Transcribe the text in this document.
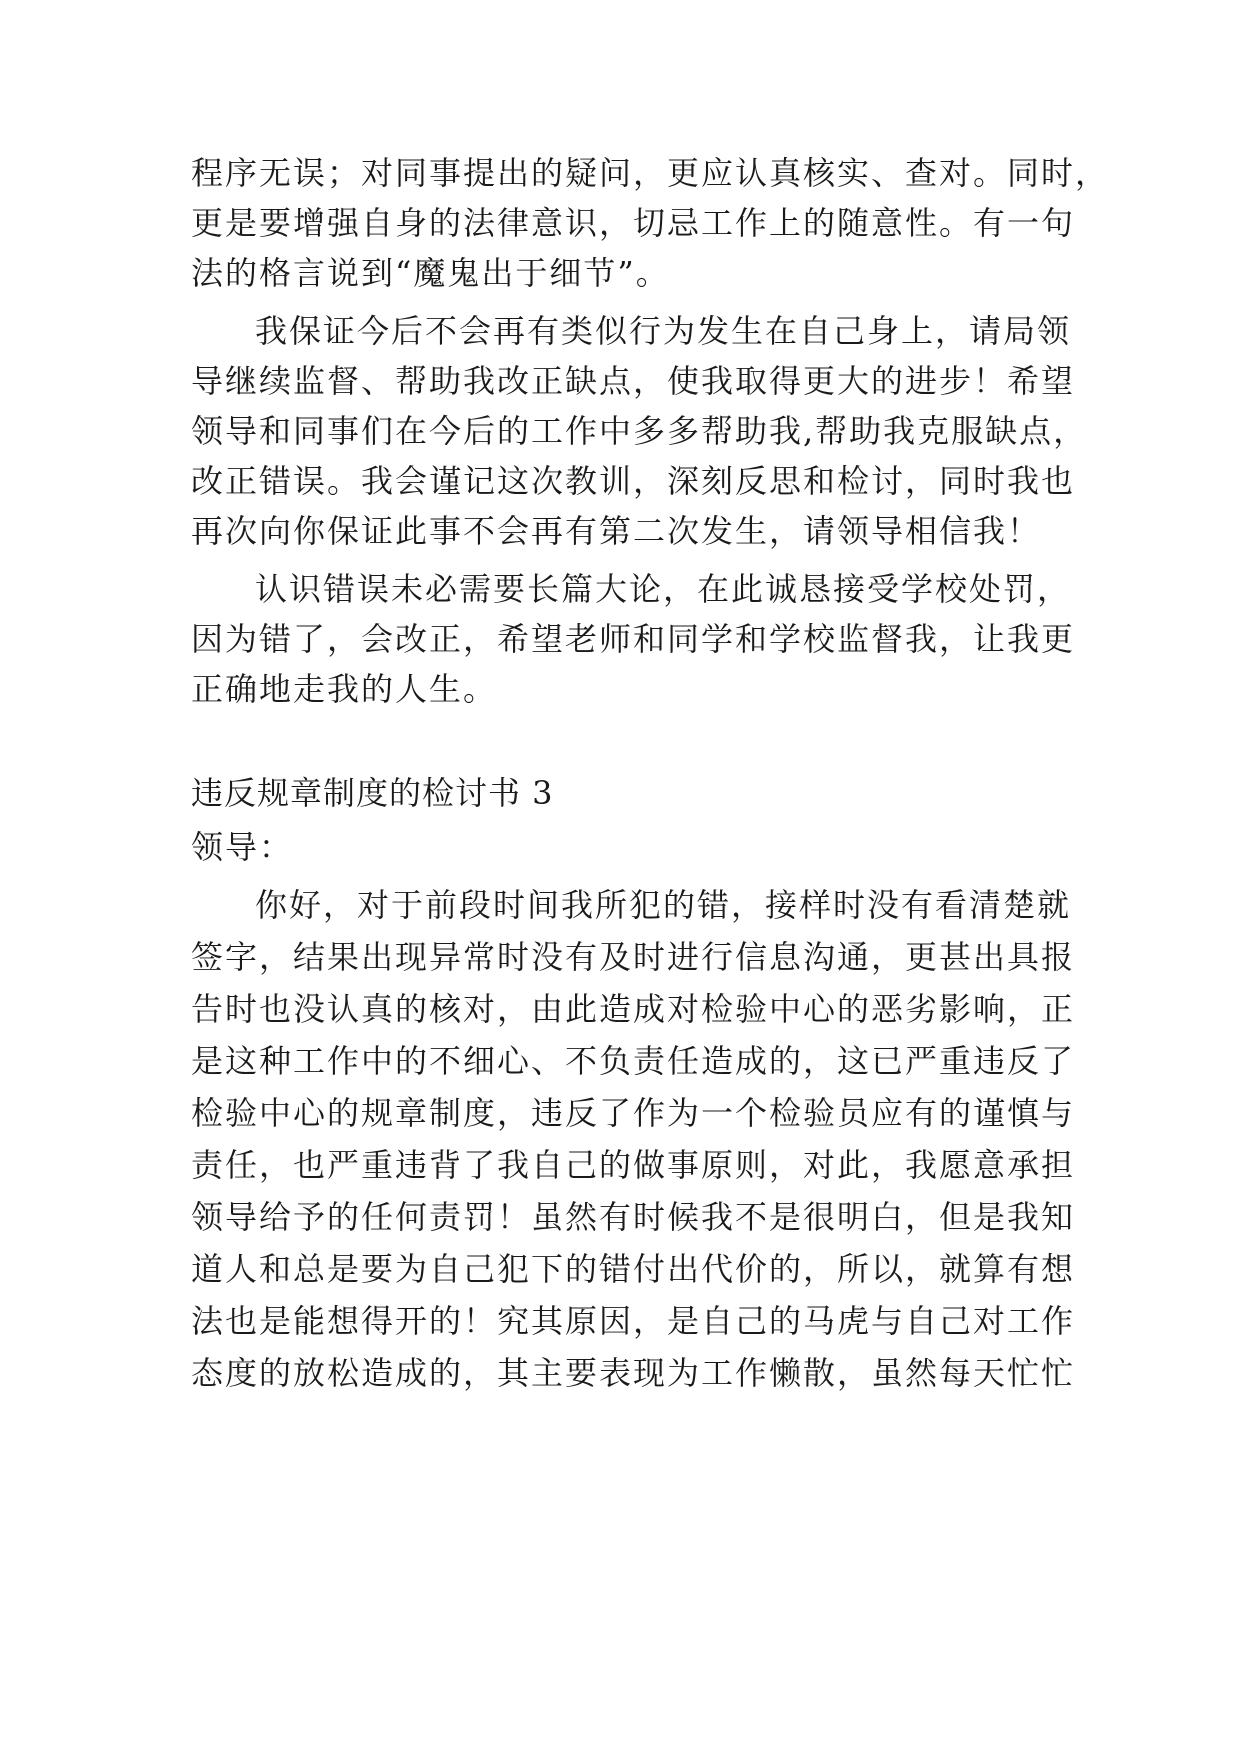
程序无误；对同事提出的疑问，更应认真核实、查对。同时，
更是要增强自身的法律意识，切忌工作上的随意性。有一句
法的格言说到“魔鬼出于细节”。
我保证今后不会再有类似行为发生在自己身上，请局领
导继续监督、帮助我改正缺点，使我取得更大的进步！希望
领导和同事们在今后的工作中多多帮助我,帮助我克服缺点，
改正错误。我会谨记这次教训，深刻反思和检讨，同时我也
再次向你保证此事不会再有第二次发生，请领导相信我！
认识错误未必需要长篇大论，在此诚恳接受学校处罚，
因为错了，会改正，希望老师和同学和学校监督我，让我更
正确地走我的人生。
违反规章制度的检讨书 3
领导：
你好，对于前段时间我所犯的错，接样时没有看清楚就
签字，结果出现异常时没有及时进行信息沟通，更甚出具报
告时也没认真的核对，由此造成对检验中心的恶劣影响，正
是这种工作中的不细心、不负责任造成的，这已严重违反了
检验中心的规章制度，违反了作为一个检验员应有的谨慎与
责任，也严重违背了我自己的做事原则，对此，我愿意承担
领导给予的任何责罚！虽然有时候我不是很明白，但是我知
道人和总是要为自己犯下的错付出代价的，所以，就算有想
法也是能想得开的！究其原因，是自己的马虎与自己对工作
态度的放松造成的，其主要表现为工作懒散，虽然每天忙忙
